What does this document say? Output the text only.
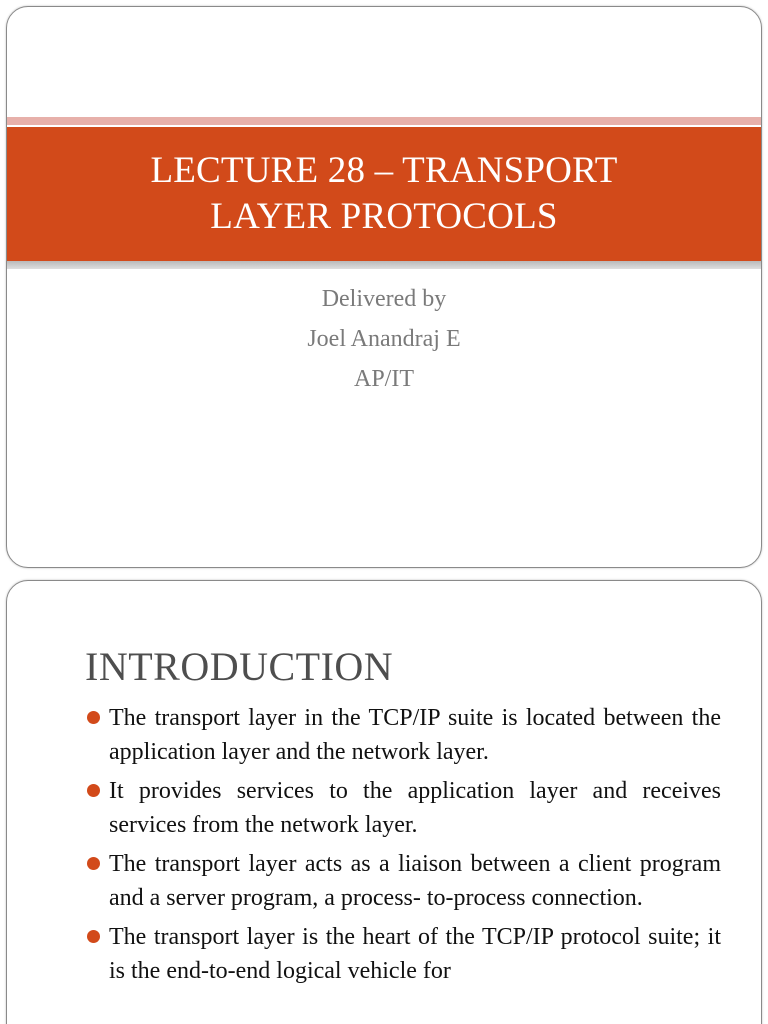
LECTURE 28 – TRANSPORT
LAYER PROTOCOLS
Delivered by
Joel Anandraj E
AP/IT
INTRODUCTION
The transport layer in the TCP/IP suite is located between the application layer and the network layer.
It provides services to the application layer and receives services from the network layer.
The transport layer acts as a liaison between a client program and a server program, a process- to-process connection.
The transport layer is the heart of the TCP/IP protocol suite; it is the end-to-end logical vehicle for
